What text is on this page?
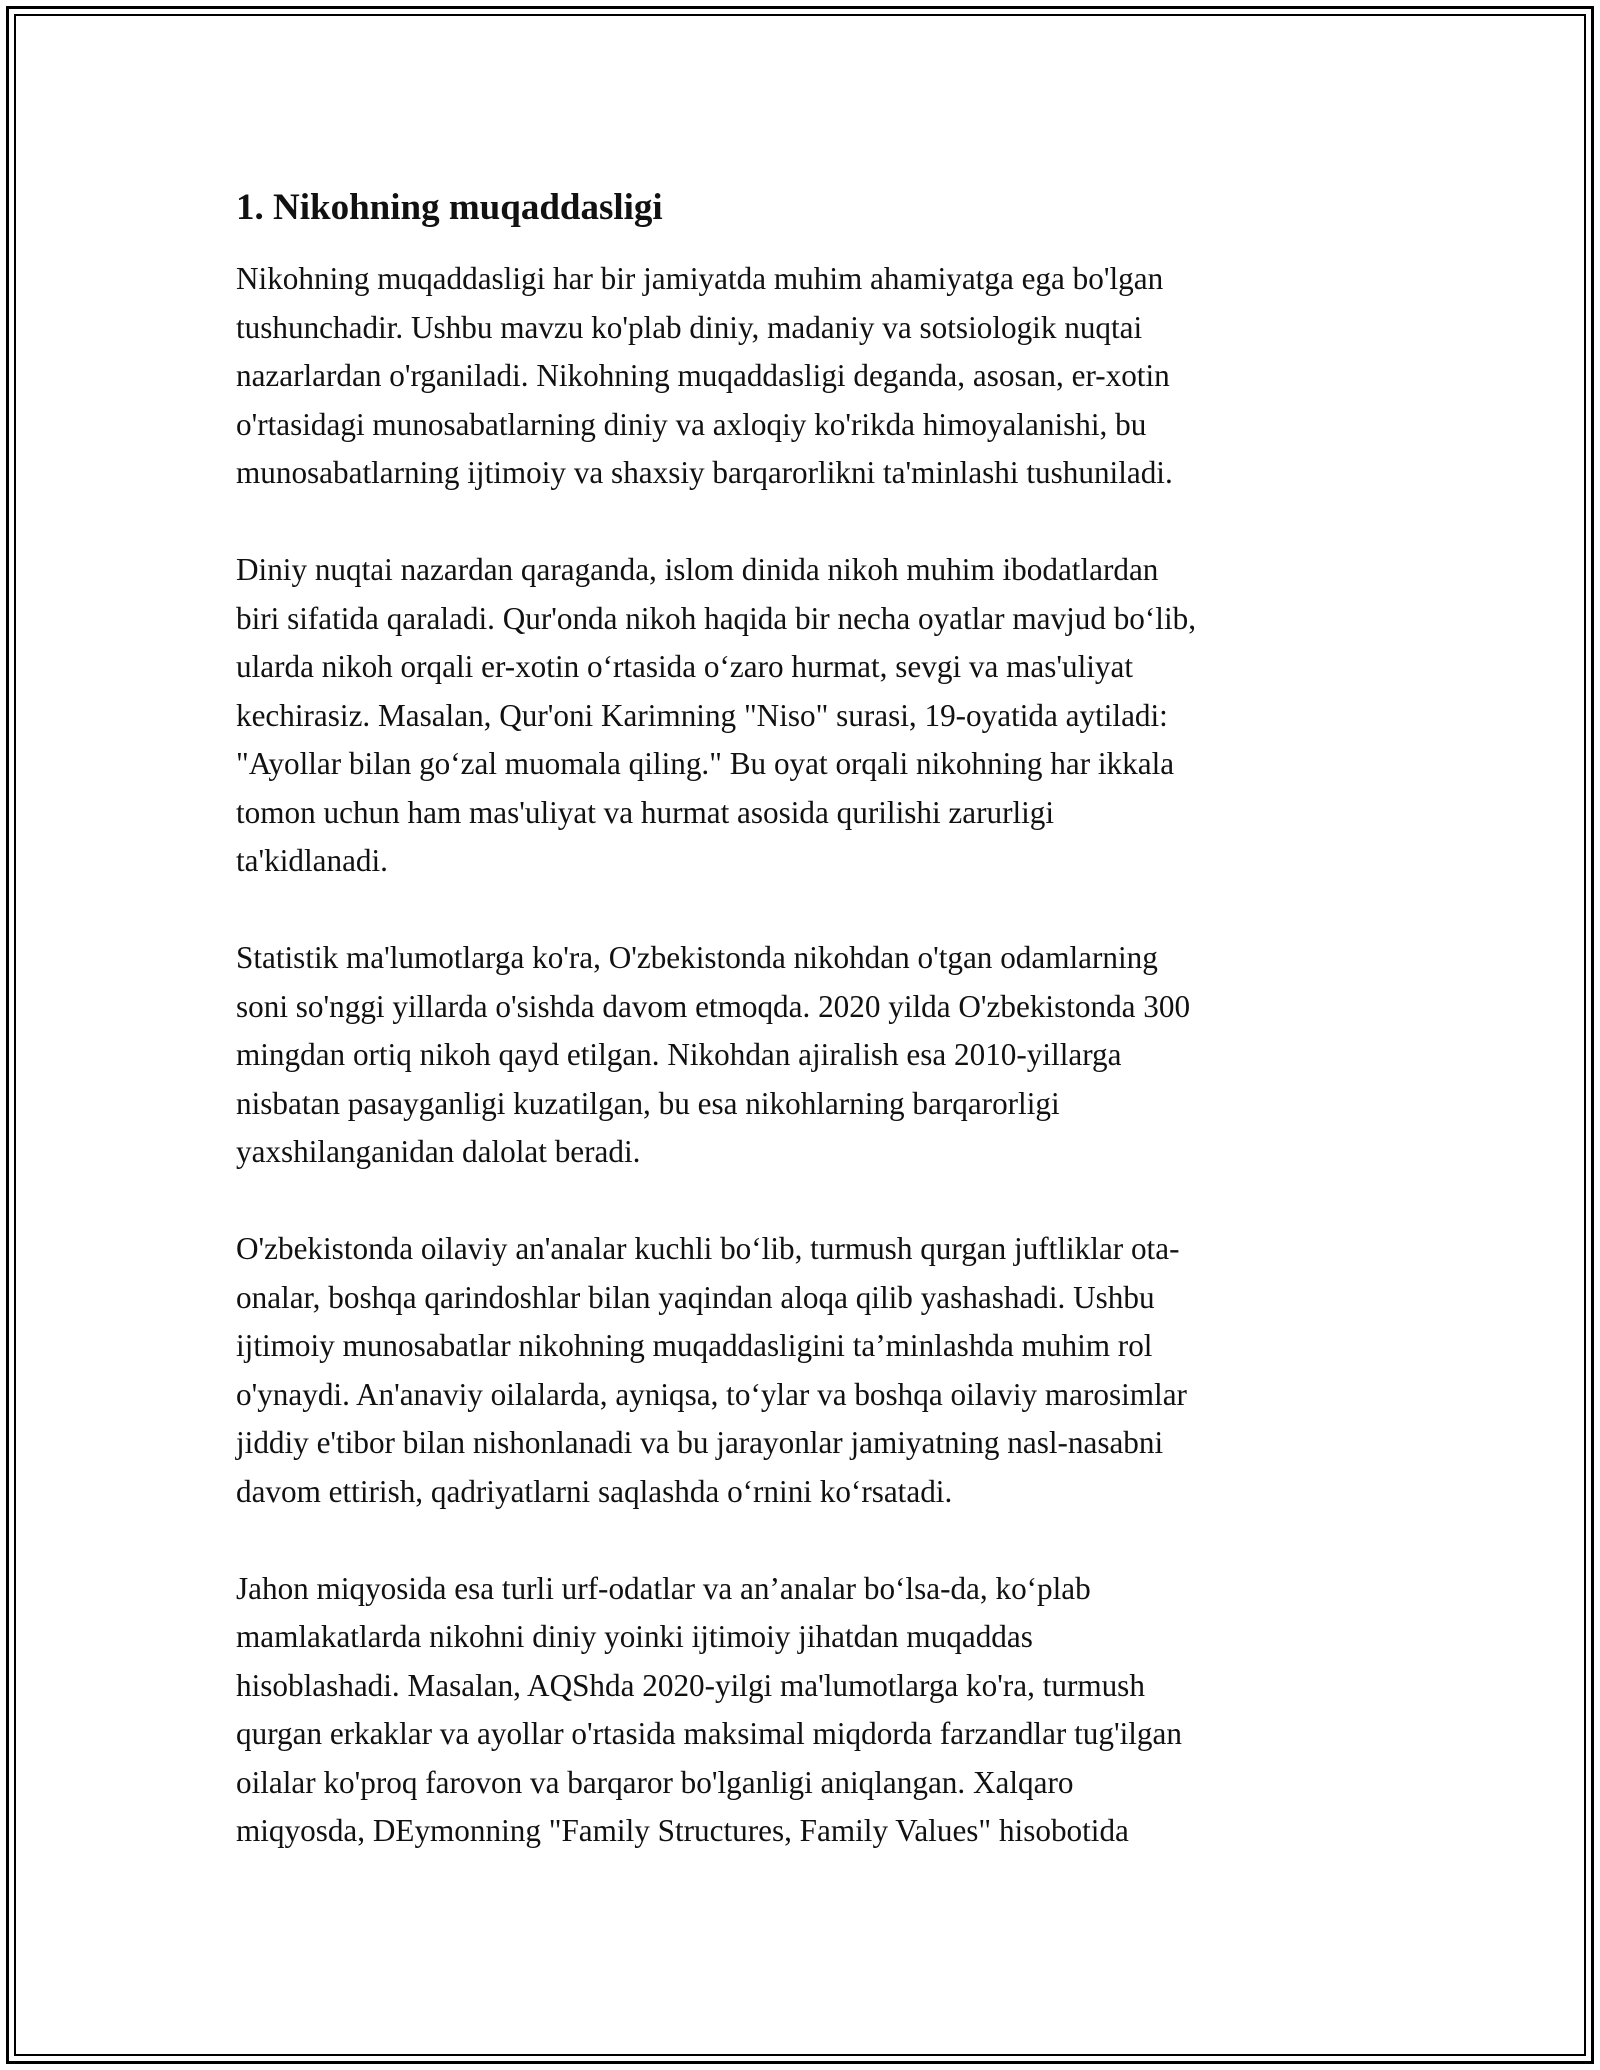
1. Nikohning muqaddasligi

Nikohning muqaddasligi har bir jamiyatda muhim ahamiyatga ega bo'lgan

tushunchadir. Ushbu mavzu ko'plab diniy, madaniy va sotsiologik nuqtai

nazarlardan o'rganiladi. Nikohning muqaddasligi deganda, asosan, er-xotin

o'rtasidagi munosabatlarning diniy va axloqiy ko'rikda himoyalanishi, bu

munosabatlarning ijtimoiy va shaxsiy barqarorlikni ta'minlashi tushuniladi.

Diniy nuqtai nazardan qaraganda, islom dinida nikoh muhim ibodatlardan

biri sifatida qaraladi. Qur'onda nikoh haqida bir necha oyatlar mavjud bo‘lib,

ularda nikoh orqali er-xotin o‘rtasida o‘zaro hurmat, sevgi va mas'uliyat

kechirasiz. Masalan, Qur'oni Karimning "Niso" surasi, 19-oyatida aytiladi:

"Ayollar bilan go‘zal muomala qiling." Bu oyat orqali nikohning har ikkala

tomon uchun ham mas'uliyat va hurmat asosida qurilishi zarurligi

ta'kidlanadi.

Statistik ma'lumotlarga ko'ra, O'zbekistonda nikohdan o'tgan odamlarning

soni so'nggi yillarda o'sishda davom etmoqda. 2020 yilda O'zbekistonda 300

mingdan ortiq nikoh qayd etilgan. Nikohdan ajiralish esa 2010-yillarga

nisbatan pasayganligi kuzatilgan, bu esa nikohlarning barqarorligi

yaxshilanganidan dalolat beradi.

O'zbekistonda oilaviy an'analar kuchli bo‘lib, turmush qurgan juftliklar ota-

onalar, boshqa qarindoshlar bilan yaqindan aloqa qilib yashashadi. Ushbu

ijtimoiy munosabatlar nikohning muqaddasligini ta’minlashda muhim rol

o'ynaydi. An'anaviy oilalarda, ayniqsa, to‘ylar va boshqa oilaviy marosimlar

jiddiy e'tibor bilan nishonlanadi va bu jarayonlar jamiyatning nasl-nasabni

davom ettirish, qadriyatlarni saqlashda o‘rnini ko‘rsatadi.

Jahon miqyosida esa turli urf-odatlar va an’analar bo‘lsa-da, ko‘plab

mamlakatlarda nikohni diniy yoinki ijtimoiy jihatdan muqaddas

hisoblashadi. Masalan, AQShda 2020-yilgi ma'lumotlarga ko'ra, turmush

qurgan erkaklar va ayollar o'rtasida maksimal miqdorda farzandlar tug'ilgan

oilalar ko'proq farovon va barqaror bo'lganligi aniqlangan. Xalqaro

miqyosda, DEymonning "Family Structures, Family Values" hisobotida
